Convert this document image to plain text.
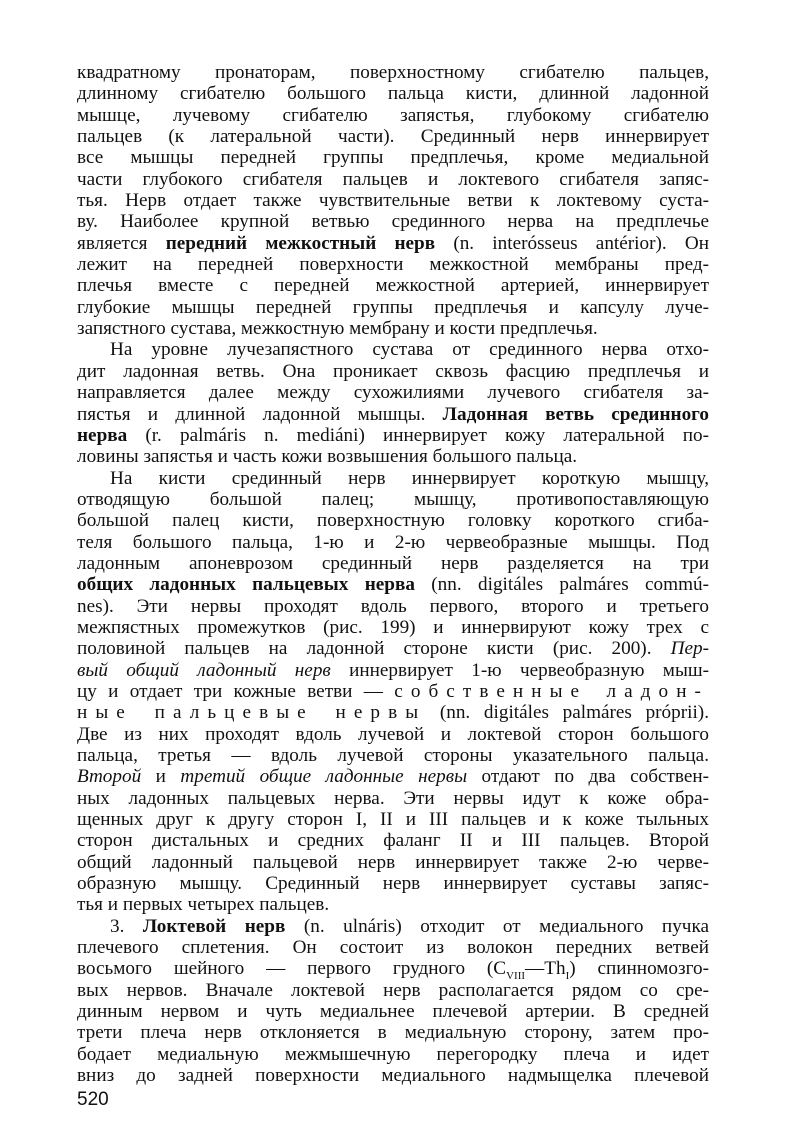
квадратному пронаторам, поверхностному сгибателю пальцев,
длинному сгибателю большого пальца кисти, длинной ладонной
мышце, лучевому сгибателю запястья, глубокому сгибателю
пальцев (к латеральной части). Срединный нерв иннервирует
все мышцы передней группы предплечья, кроме медиальной
части глубокого сгибателя пальцев и локтевого сгибателя запяс-
тья. Нерв отдает также чувствительные ветви к локтевому суста-
ву. Наиболее крупной ветвью срединного нерва на предплечье
является передний межкостный нерв (n. interósseus antérior). Он
лежит на передней поверхности межкостной мембраны пред-
плечья вместе с передней межкостной артерией, иннервирует
глубокие мышцы передней группы предплечья и капсулу луче-
запястного сустава, межкостную мембрану и кости предплечья.
На уровне лучезапястного сустава от срединного нерва отхо-
дит ладонная ветвь. Она проникает сквозь фасцию предплечья и
направляется далее между сухожилиями лучевого сгибателя за-
пястья и длинной ладонной мышцы. Ладонная ветвь срединного
нерва (r. palmáris n. mediáni) иннервирует кожу латеральной по-
ловины запястья и часть кожи возвышения большого пальца.
На кисти срединный нерв иннервирует короткую мышцу,
отводящую большой палец; мышцу, противопоставляющую
большой палец кисти, поверхностную головку короткого сгиба-
теля большого пальца, 1-ю и 2-ю червеобразные мышцы. Под
ладонным апоневрозом срединный нерв разделяется на три
общих ладонных пальцевых нерва (nn. digitáles palmáres commú-
nes). Эти нервы проходят вдоль первого, второго и третьего
межпястных промежутков (рис. 199) и иннервируют кожу трех с
половиной пальцев на ладонной стороне кисти (рис. 200). Пер-
вый общий ладонный нерв иннервирует 1-ю червеобразную мыш-
цу и отдает три кожные ветви — собственные ладон-
ные пальцевые нервы (nn. digitáles palmáres próprii).
Две из них проходят вдоль лучевой и локтевой сторон большого
пальца, третья — вдоль лучевой стороны указательного пальца.
Второй и третий общие ладонные нервы отдают по два собствен-
ных ладонных пальцевых нерва. Эти нервы идут к коже обра-
щенных друг к другу сторон I, II и III пальцев и к коже тыльных
сторон дистальных и средних фаланг II и III пальцев. Второй
общий ладонный пальцевой нерв иннервирует также 2-ю черве-
образную мышцу. Срединный нерв иннервирует суставы запяс-
тья и первых четырех пальцев.
3. Локтевой нерв (n. ulnáris) отходит от медиального пучка
плечевого сплетения. Он состоит из волокон передних ветвей
восьмого шейного — первого грудного $(C_{VIII}—Th_I)$ спинномозго-
вых нервов. Вначале локтевой нерв располагается рядом со сре-
динным нервом и чуть медиальнее плечевой артерии. В средней
трети плеча нерв отклоняется в медиальную сторону, затем про-
бодает медиальную межмышечную перегородку плеча и идет
вниз до задней поверхности медиального надмыщелка плечевой
520
